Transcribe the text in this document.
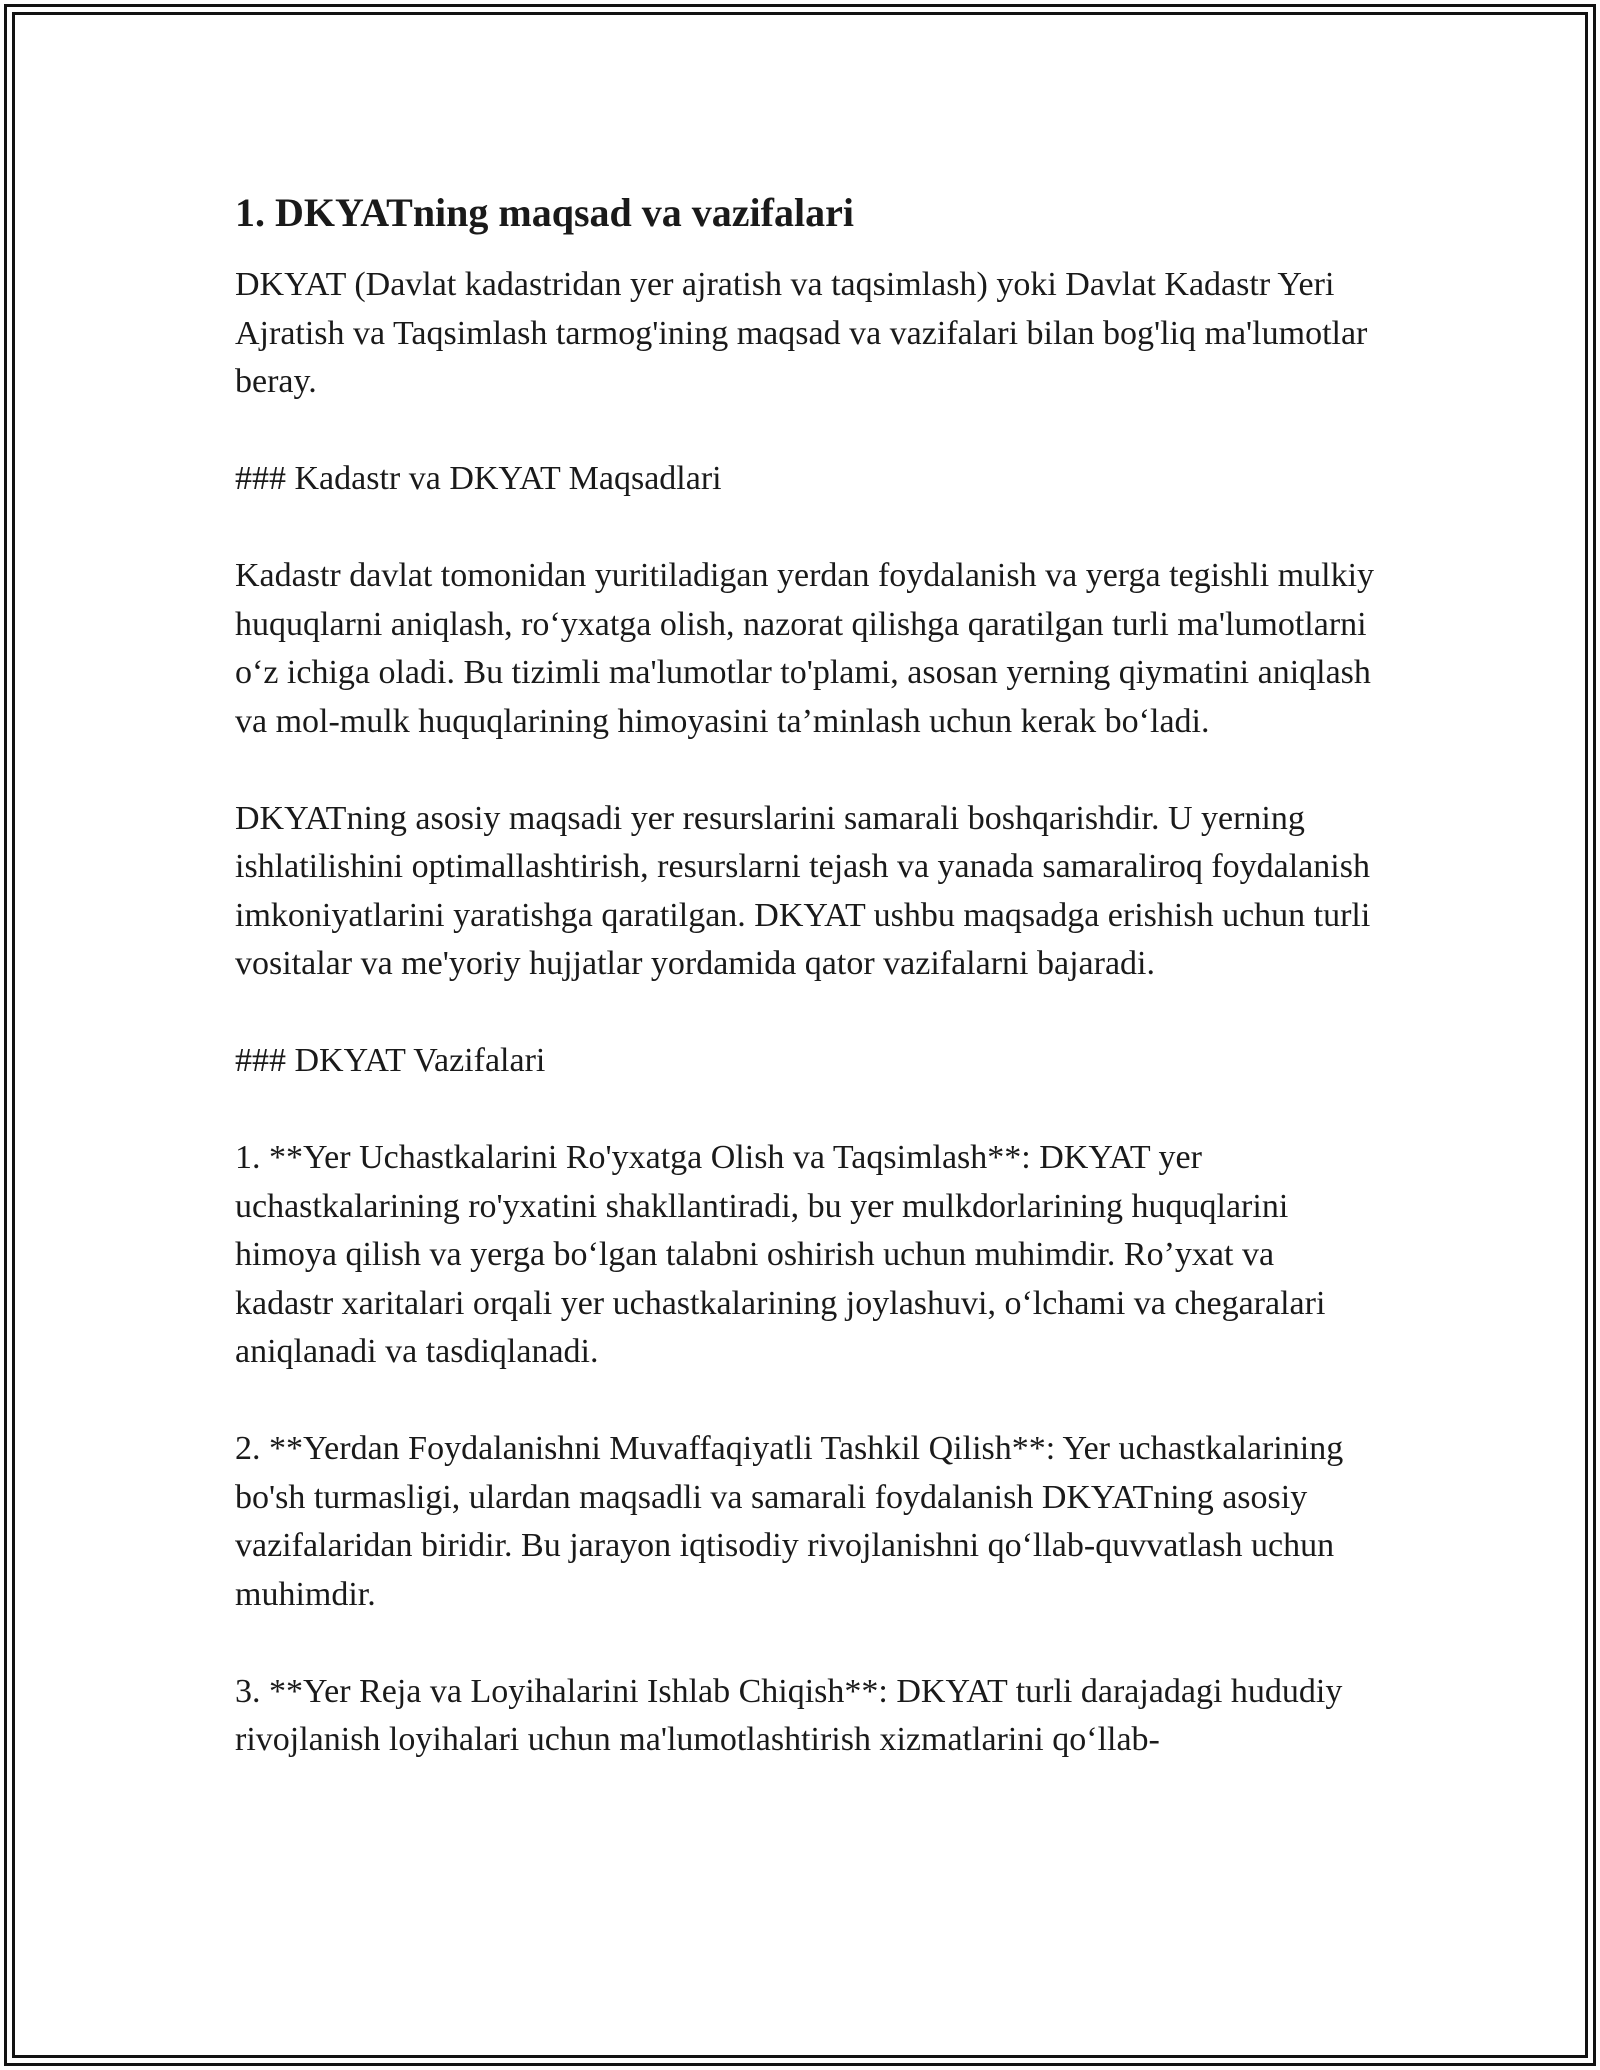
1. DKYATning maqsad va vazifalari

DKYAT (Davlat kadastridan yer ajratish va taqsimlash) yoki Davlat Kadastr Yeri Ajratish va Taqsimlash tarmog'ining maqsad va vazifalari bilan bog'liq ma'lumotlar beray.

### Kadastr va DKYAT Maqsadlari

Kadastr davlat tomonidan yuritiladigan yerdan foydalanish va yerga tegishli mulkiy huquqlarni aniqlash, ro‘yxatga olish, nazorat qilishga qaratilgan turli ma'lumotlarni o‘z ichiga oladi. Bu tizimli ma'lumotlar to'plami, asosan yerning qiymatini aniqlash va mol-mulk huquqlarining himoyasini ta’minlash uchun kerak bo‘ladi.

DKYATning asosiy maqsadi yer resurslarini samarali boshqarishdir. U yerning ishlatilishini optimallashtirish, resurslarni tejash va yanada samaraliroq foydalanish imkoniyatlarini yaratishga qaratilgan. DKYAT ushbu maqsadga erishish uchun turli vositalar va me'yoriy hujjatlar yordamida qator vazifalarni bajaradi.

### DKYAT Vazifalari

1. **Yer Uchastkalarini Ro'yxatga Olish va Taqsimlash**: DKYAT yer uchastkalarining ro'yxatini shakllantiradi, bu yer mulkdorlarining huquqlarini himoya qilish va yerga bo‘lgan talabni oshirish uchun muhimdir. Ro’yxat va kadastr xaritalari orqali yer uchastkalarining joylashuvi, o‘lchami va chegaralari aniqlanadi va tasdiqlanadi.

2. **Yerdan Foydalanishni Muvaffaqiyatli Tashkil Qilish**: Yer uchastkalarining bo'sh turmasligi, ulardan maqsadli va samarali foydalanish DKYATning asosiy vazifalaridan biridir. Bu jarayon iqtisodiy rivojlanishni qo‘llab-quvvatlash uchun muhimdir.

3. **Yer Reja va Loyihalarini Ishlab Chiqish**: DKYAT turli darajadagi hududiy rivojlanish loyihalari uchun ma'lumotlashtirish xizmatlarini qo‘llab-
